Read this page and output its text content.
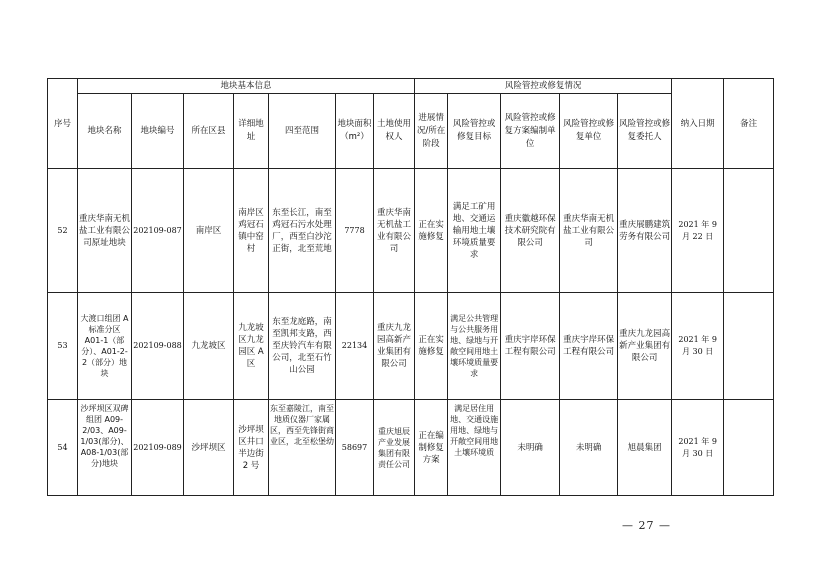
序号	地块基本信息							风险管控或修复情况					纳入日期	备注
	地块名称	地块编号	所在区县	详细地址	四至范围	地块面积（m²）	土地使用权人	进展情况/所在阶段	风险管控或修复目标	风险管控或修复方案编制单位	风险管控或修复单位	风险管控或修复委托人		
52	重庆华南无机盐工业有限公司原址地块	202109-087	南岸区	南岸区鸡冠石镇中窑村	东至长江，南至鸡冠石污水处理厂，西至白沙沱正街，北至荒地	7778	重庆华南无机盐工业有限公司	正在实施修复	满足工矿用地、交通运输用地土壤环境质量要求	重庆徽越环保技术研究院有限公司	重庆华南无机盐工业有限公司	重庆展鹏建筑劳务有限公司	2021 年 9 月 22 日	
53	大渡口组团 A 标准分区 A01-1（部分）、A01-2-2（部分）地块	202109-088	九龙坡区	九龙坡区九龙园区 A 区	东至龙庭路，南至凯邦支路，西至庆铃汽车有限公司，北至石竹山公园	22134	重庆九龙园高新产业集团有限公司	正在实施修复	满足公共管理与公共服务用地、绿地与开敞空间用地土壤环境质量要求	重庆宇岸环保工程有限公司	重庆宇岸环保工程有限公司	重庆九龙园高新产业集团有限公司	2021 年 9 月 30 日	
54	沙坪坝区双碑组团 A09-2/03、A09-1/03(部分)、A08-1/03(部分)地块	202109-089	沙坪坝区	沙坪坝区井口半边街 2 号	东至嘉陵江，南至地质仪器厂家属区，西至先锋街商业区，北至松堡幼	58697	重庆旭辰产业发展集团有限责任公司	正在编制修复方案	满足居住用地、交通设施用地、绿地与开敞空间用地土壤环境质	未明确	未明确	旭晨集团	2021 年 9 月 30 日	
— 27 —
